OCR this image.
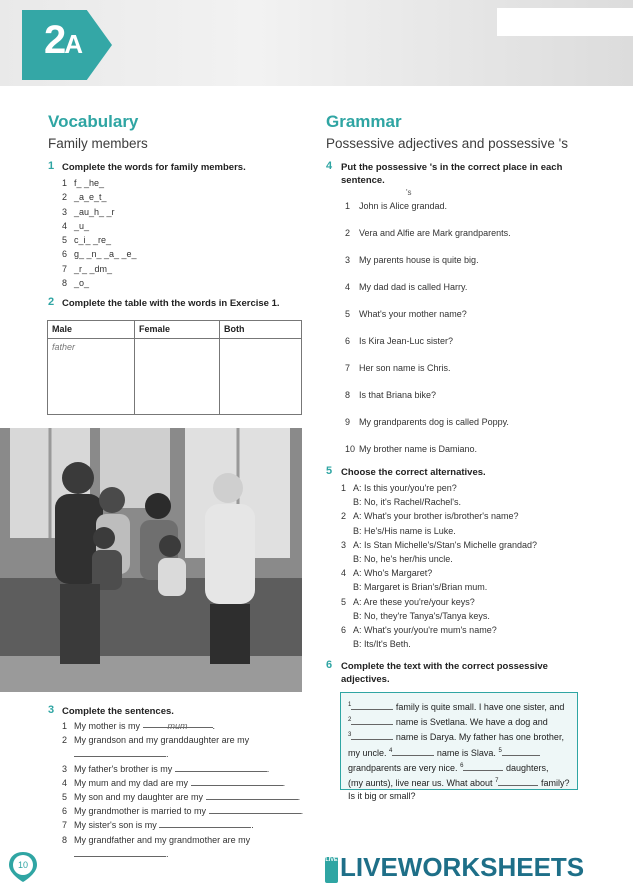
2A
Vocabulary
Family members
1 Complete the words for family members.
1 f_ _he_
2 _a_e_t_
3 _au_h_ _r
4 _u_
5 c_i_ _re_
6 g_ _n_ _a_ _e_
7 _r_ _dm_
8 _o_
2 Complete the table with the words in Exercise 1.
Male	Female	Both
father		
3 Complete the sentences.
1 My mother is my	mum	.
2 My grandson and my granddaughter are my
.
3 My father's brother is my	.
4 My mum and my dad are my	.
5 My son and my daughter are my	.
6 My grandmother is married to my	.
7 My sister's son is my	.
8 My grandfather and my grandmother are my
.
Grammar
Possessive adjectives and possessive 's
4 Put the possessive 's in the correct place in each sentence.
's
1 John is Alice grandad.
2 Vera and Alfie are Mark grandparents.
3 My parents house is quite big.
4 My dad dad is called Harry.
5 What's your mother name?
6 Is Kira Jean-Luc sister?
7 Her son name is Chris.
8 Is that Briana bike?
9 My grandparents dog is called Poppy.
10 My brother name is Damiano.
5 Choose the correct alternatives.
1 A: Is this your/you're pen?
B: No, it's Rachel/Rachel's.
2 A: What's your brother is/brother's name?
B: He's/His name is Luke.
3 A: Is Stan Michelle's/Stan's Michelle grandad?
B: No, he's her/his uncle.
4 A: Who's Margaret?
B: Margaret is Brian's/Brian mum.
5 A: Are these you're/your keys?
B: No, they're Tanya's/Tanya keys.
6 A: What's your/you're mum's name?
B: Its/It's Beth.
6 Complete the text with the correct possessive adjectives.
$^1$	family is quite small. I have one sister, and
$^2$	name is Svetlana. We have a dog and
$^3$	name is Darya. My father has one brother,
my uncle. $^4$	name is Slava. $^5$
grandparents are very nice. $^6$	daughters,
(my aunts), live near us. What about $^7$	family?
Is it big or small?
10	LIVE LIVEWORKSHEETS
